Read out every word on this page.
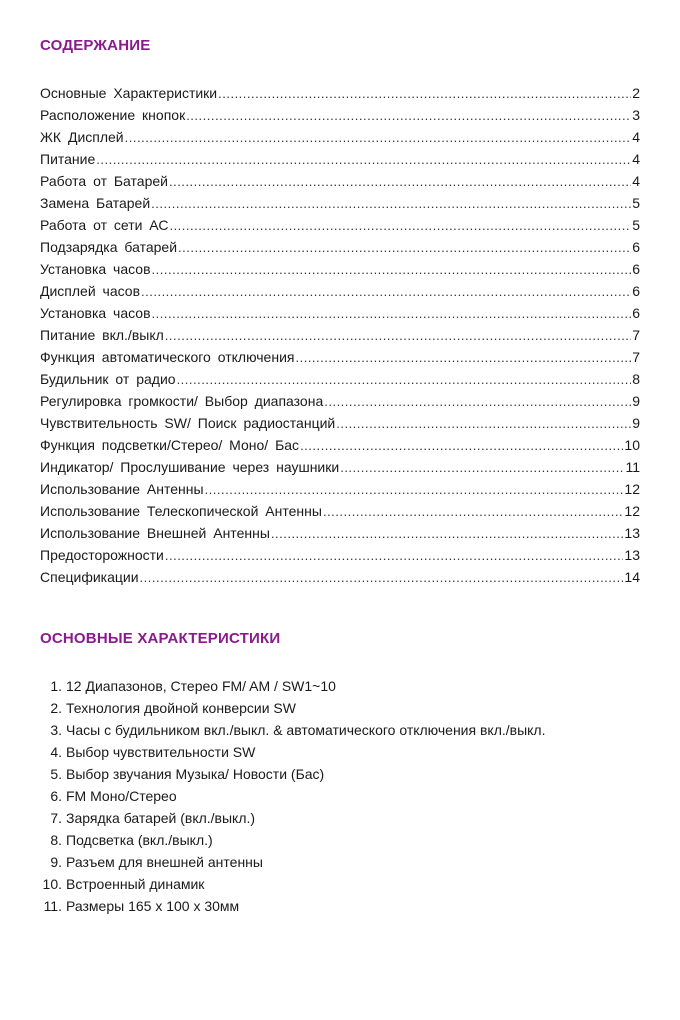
СОДЕРЖАНИЕ
Основные Характеристики .....	2
Расположение кнопок .....	3
ЖК Дисплей .....	4
Питание .....	4
Работа от Батарей .....	4
Замена Батарей .....	5
Работа от сети АС .....	5
Подзарядка батарей .....	6
Установка часов .....	6
Дисплей часов .....	6
Установка часов .....	6
Питание вкл./выкл .....	7
Функция автоматического отключения .....	7
Будильник от радио .....	8
Регулировка громкости/ Выбор диапазона .....	9
Чувствительность SW/ Поиск радиостанций .....	9
Функция подсветки/Стерео/ Моно/ Бас .....	10
Индикатор/ Прослушивание через наушники .....	11
Использование Антенны .....	12
Использование Телескопической Антенны .....	12
Использование Внешней Антенны .....	13
Предосторожности .....	13
Спецификации .....	14
ОСНОВНЫЕ ХАРАКТЕРИСТИКИ
1. 12 Диапазонов, Стерео FM/ AM / SW1~10
2. Технология двойной конверсии SW
3. Часы с будильником вкл./выкл. & автоматического отключения вкл./выкл.
4. Выбор чувствительности SW
5. Выбор звучания Музыка/ Новости (Бас)
6. FM Моно/Стерео
7. Зарядка батарей (вкл./выкл.)
8. Подсветка (вкл./выкл.)
9. Разъем для внешней антенны
10. Встроенный динамик
11. Размеры 165 x 100 x 30мм
